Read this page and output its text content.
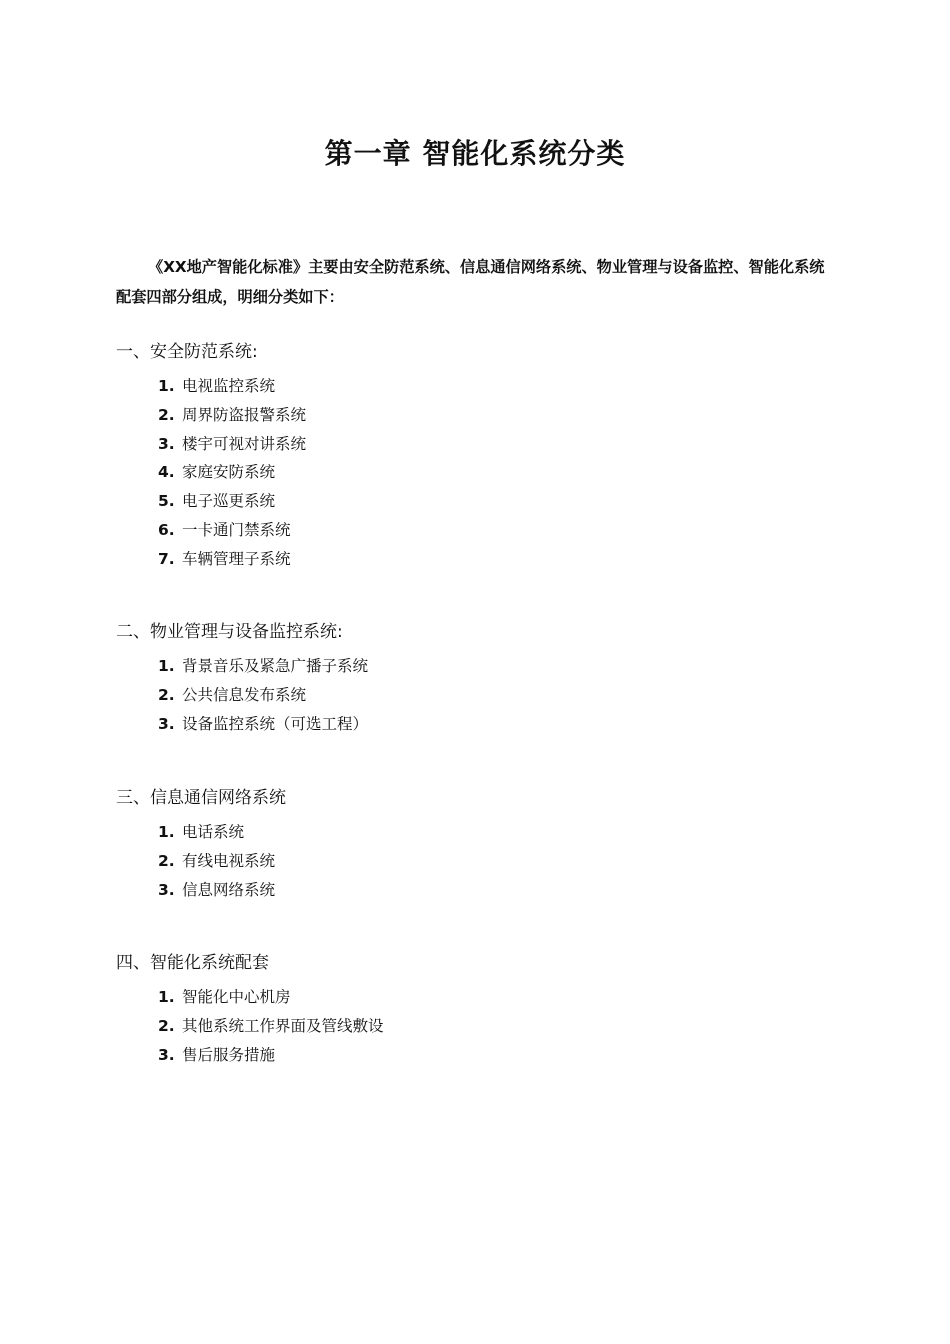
第一章 智能化系统分类

《XX地产智能化标准》主要由安全防范系统、信息通信网络系统、物业管理与设备监控、智能化系统配套四部分组成，明细分类如下：

一、安全防范系统:
1. 电视监控系统
2. 周界防盗报警系统
3. 楼宇可视对讲系统
4. 家庭安防系统
5. 电子巡更系统
6. 一卡通门禁系统
7. 车辆管理子系统
二、物业管理与设备监控系统:
1. 背景音乐及紧急广播子系统
2. 公共信息发布系统
3. 设备监控系统（可选工程）
三、信息通信网络系统
1. 电话系统
2. 有线电视系统
3. 信息网络系统
四、智能化系统配套
1. 智能化中心机房
2. 其他系统工作界面及管线敷设
3. 售后服务措施
